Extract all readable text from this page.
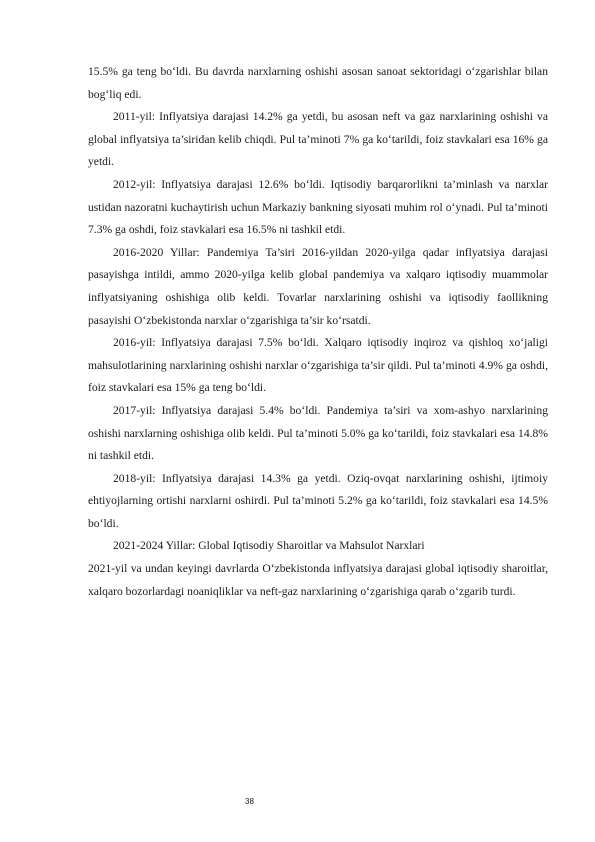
15.5% ga teng bo‘ldi. Bu davrda narxlarning oshishi asosan sanoat sektoridagi o‘zgarishlar bilan bog‘liq edi.

2011-yil: Inflyatsiya darajasi 14.2% ga yetdi, bu asosan neft va gaz narxlarining oshishi va global inflyatsiya ta’siridan kelib chiqdi. Pul ta’minoti 7% ga ko‘tarildi, foiz stavkalari esa 16% ga yetdi.

2012-yil: Inflyatsiya darajasi 12.6% bo‘ldi. Iqtisodiy barqarorlikni ta’minlash va narxlar ustidan nazoratni kuchaytirish uchun Markaziy bankning siyosati muhim rol o‘ynadi. Pul ta’minoti 7.3% ga oshdi, foiz stavkalari esa 16.5% ni tashkil etdi.

2016-2020 Yillar: Pandemiya Ta’siri 2016-yildan 2020-yilga qadar inflyatsiya darajasi pasayishga intildi, ammo 2020-yilga kelib global pandemiya va xalqaro iqtisodiy muammolar inflyatsiyaning oshishiga olib keldi. Tovarlar narxlarining oshishi va iqtisodiy faollikning pasayishi O‘zbekistonda narxlar o‘zgarishiga ta’sir ko‘rsatdi.

2016-yil: Inflyatsiya darajasi 7.5% bo‘ldi. Xalqaro iqtisodiy inqiroz va qishloq xo‘jaligi mahsulotlarining narxlarining oshishi narxlar o‘zgarishiga ta’sir qildi. Pul ta’minoti 4.9% ga oshdi, foiz stavkalari esa 15% ga teng bo‘ldi.

2017-yil: Inflyatsiya darajasi 5.4% bo‘ldi. Pandemiya ta’siri va xom-ashyo narxlarining oshishi narxlarning oshishiga olib keldi. Pul ta’minoti 5.0% ga ko‘tarildi, foiz stavkalari esa 14.8% ni tashkil etdi.

2018-yil: Inflyatsiya darajasi 14.3% ga yetdi. Oziq-ovqat narxlarining oshishi, ijtimoiy ehtiyojlarning ortishi narxlarni oshirdi. Pul ta’minoti 5.2% ga ko‘tarildi, foiz stavkalari esa 14.5% bo‘ldi.

2021-2024 Yillar: Global Iqtisodiy Sharoitlar va Mahsulot Narxlari

2021-yil va undan keyingi davrlarda O‘zbekistonda inflyatsiya darajasi global iqtisodiy sharoitlar, xalqaro bozorlardagi noaniqliklar va neft-gaz narxlarining o‘zgarishiga qarab o‘zgarib turdi.

38
